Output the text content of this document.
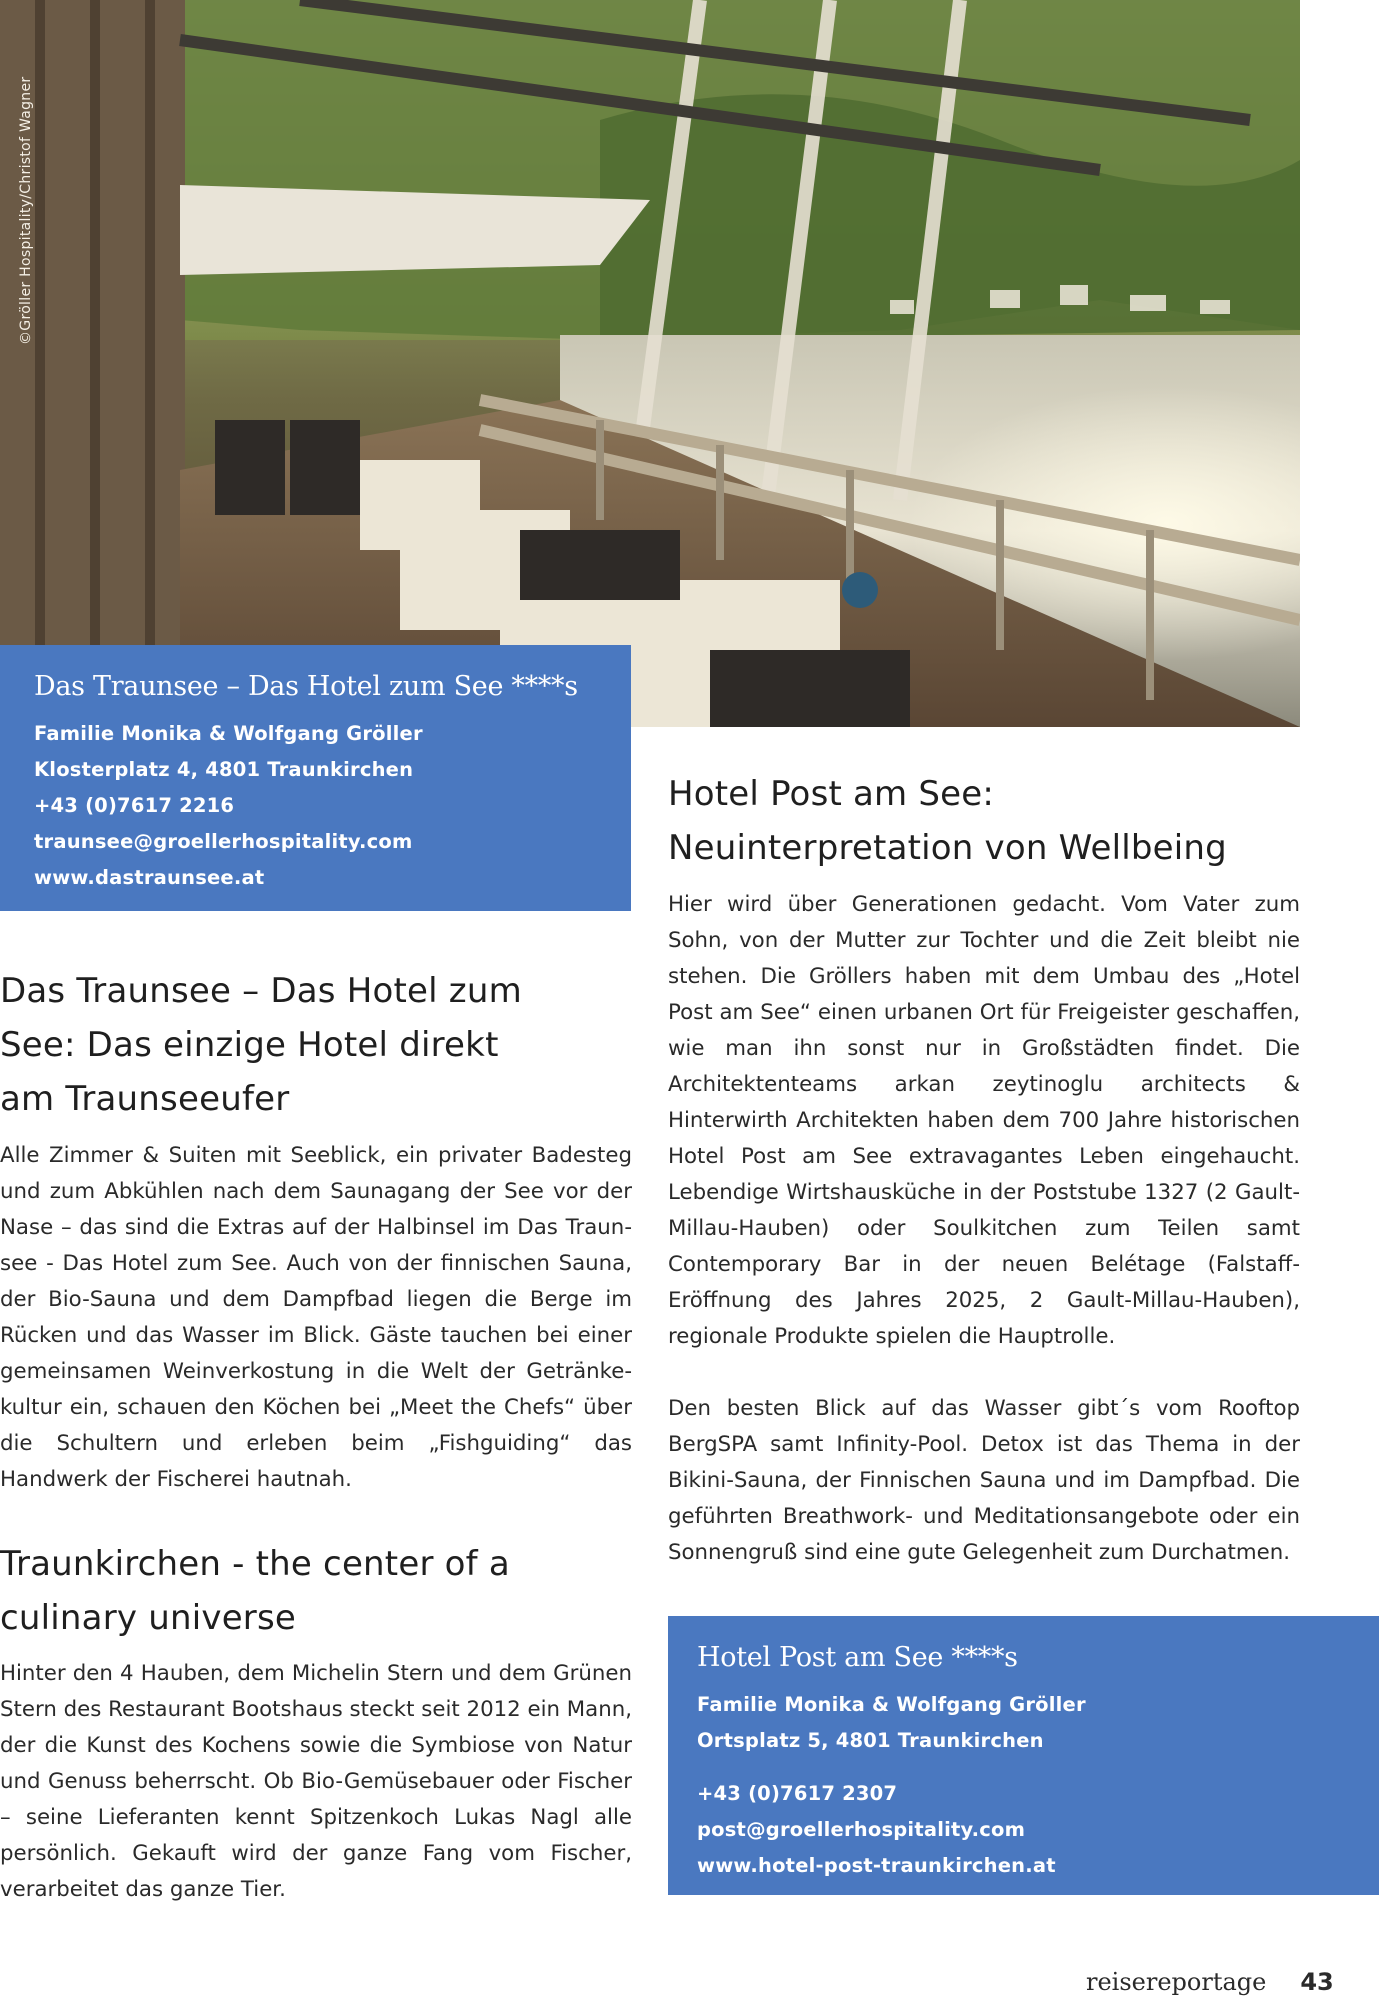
©Gröller Hospitality/Christof Wagner
Das Traunsee – Das Hotel zum See ****s
Familie Monika & Wolfgang Gröller
Klosterplatz 4, 4801 Traunkirchen
+43 (0)7617 2216
traunsee@groellerhospitality.com
www.dastraunsee.at
Das Traunsee – Das Hotel zum
See: Das einzige Hotel direkt
am Traunseeufer

Alle Zimmer & Suiten mit Seeblick, ein privater Badesteg und zum Abkühlen nach dem Saunagang der See vor der Nase – das sind die Extras auf der Halbinsel im Das Traunsee - Das Hotel zum See. Auch von der finnischen Sauna, der Bio-Sauna und dem Dampfbad liegen die Berge im Rücken und das Wasser im Blick. Gäste tauchen bei einer gemeinsamen Weinverkostung in die Welt der Getränkekultur ein, schauen den Köchen bei „Meet the Chefs“ über die Schultern und erleben beim „Fishguiding“ das Handwerk der Fischerei hautnah.

Traunkirchen - the center of a
culinary universe

Hinter den 4 Hauben, dem Michelin Stern und dem Grünen Stern des Restaurant Bootshaus steckt seit 2012 ein Mann, der die Kunst des Kochens sowie die Symbiose von Natur und Genuss beherrscht. Ob Bio-Gemüsebauer oder Fischer – seine Lieferanten kennt Spitzenkoch Lukas Nagl alle persönlich. Gekauft wird der ganze Fang vom Fischer, verarbeitet das ganze Tier.

Hotel Post am See:
Neuinterpretation von Wellbeing

Hier wird über Generationen gedacht. Vom Vater zum Sohn, von der Mutter zur Tochter und die Zeit bleibt nie stehen. Die Gröllers haben mit dem Umbau des „Hotel Post am See“ einen urbanen Ort für Freigeister geschaffen, wie man ihn sonst nur in Großstädten findet. Die Architektenteams arkan zeytinoglu architects & Hinterwirth Architekten haben dem 700 Jahre historischen Hotel Post am See extravagantes Leben eingehaucht. Lebendige Wirtshausküche in der Poststube 1327 (2 Gault-Millau-Hauben) oder Soulkitchen zum Teilen samt Contemporary Bar in der neuen Belétage (Falstaff-Eröffnung des Jahres 2025, 2 Gault-Millau-Hauben), regionale Produkte spielen die Hauptrolle.

Den besten Blick auf das Wasser gibt´s vom Rooftop BergSPA samt Infinity-Pool. Detox ist das Thema in der Bikini-Sauna, der Finnischen Sauna und im Dampfbad. Die geführten Breathwork- und Meditationsangebote oder ein Sonnengruß sind eine gute Gelegenheit zum Durchatmen.

Hotel Post am See ****s
Familie Monika & Wolfgang Gröller
Ortsplatz 5, 4801 Traunkirchen
+43 (0)7617 2307
post@groellerhospitality.com
www.hotel-post-traunkirchen.at
reisereportage 43
